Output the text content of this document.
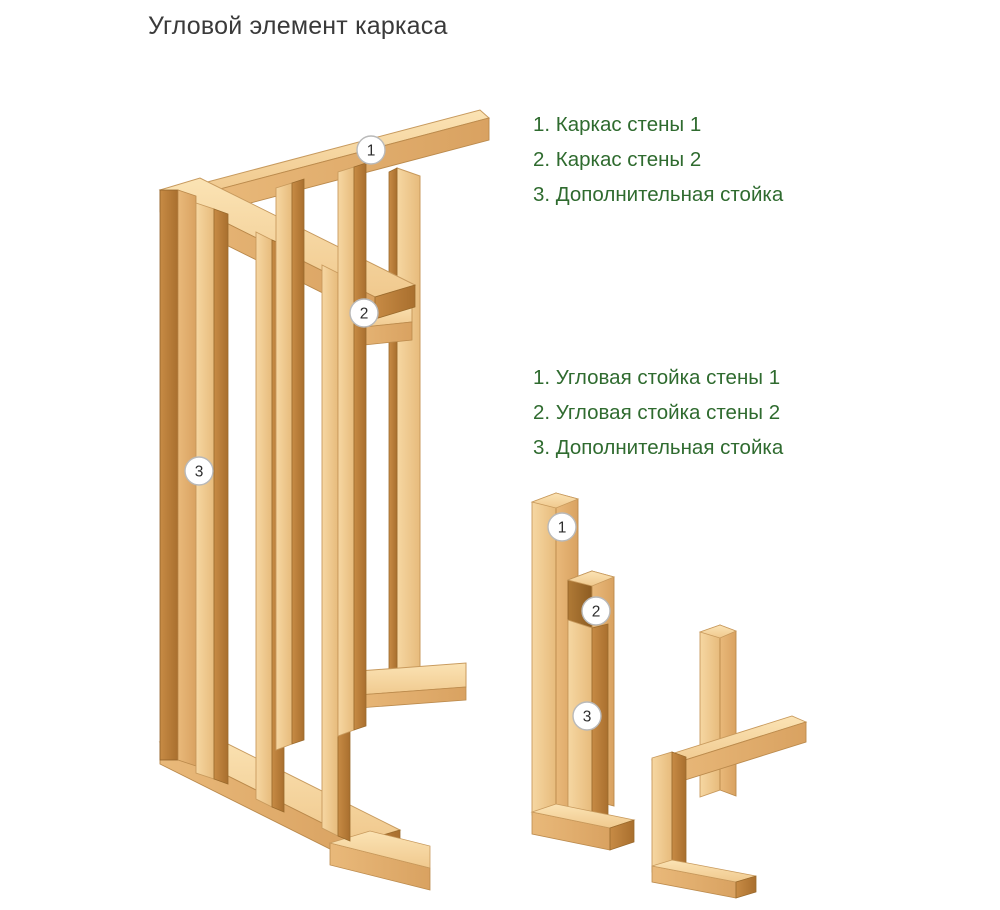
Угловой элемент каркаса
1. Каркас стены 1
2. Каркас стены 2
3. Дополнительная стойка
1. Угловая стойка стены 1
2. Угловая стойка стены 2
3. Дополнительная стойка
1
2
3
1
2
3
